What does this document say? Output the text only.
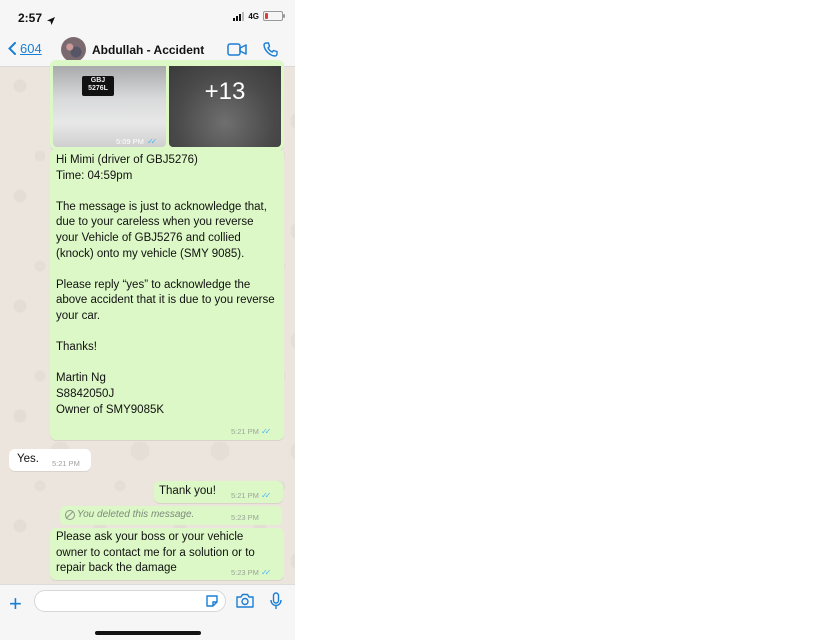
2:57	4G
604	Abdullah - Accident
GBJ
5276L	+13
5:09 PM ✓✓
Hi Mimi (driver of GBJ5276)
Time: 04:59pm

The message is just to acknowledge that, due to your careless when you reverse your Vehicle of GBJ5276 and collied (knock) onto my vehicle (SMY 9085).

Please reply “yes” to acknowledge the above accident that it is due to you reverse your car.

Thanks!

Martin Ng
S8842050J
Owner of SMY9085K
5:21 PM ✓✓
Yes. 5:21 PM
Thank you! 5:21 PM ✓✓
You deleted this message.	5:23 PM
Please ask your boss or your vehicle owner to contact me for a solution or to repair back the damage	5:23 PM ✓✓
+
